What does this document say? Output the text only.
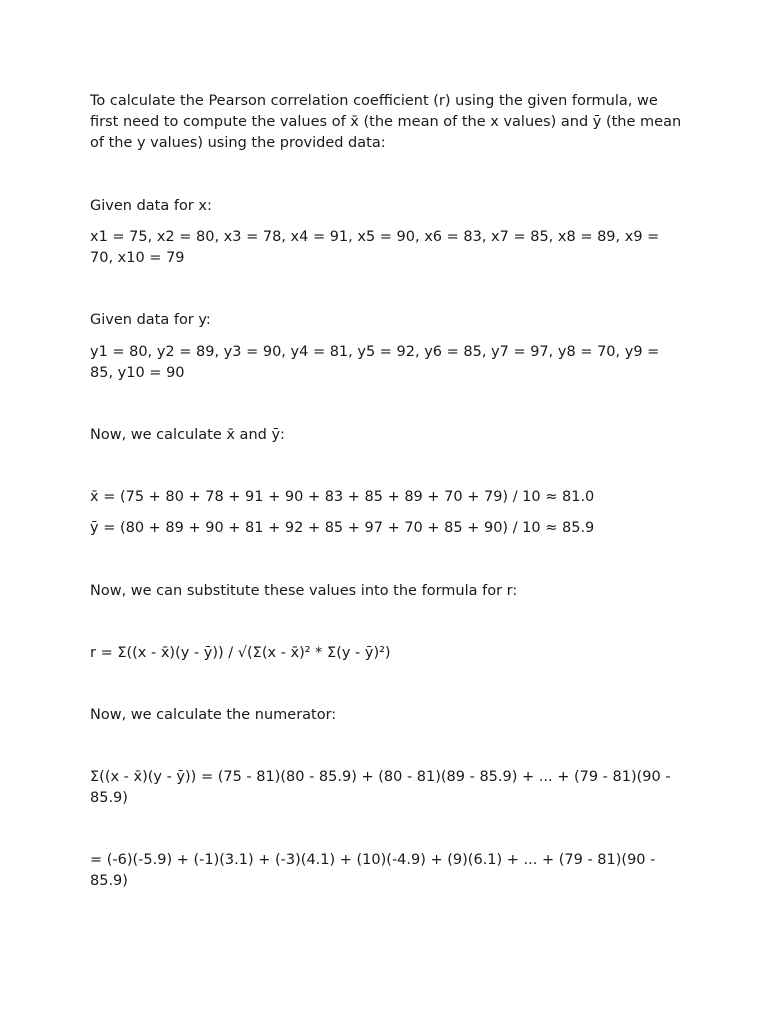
To calculate the Pearson correlation coefficient (r) using the given formula, we first need to compute the values of x̄ (the mean of the x values) and ȳ (the mean of the y values) using the provided data:

Given data for x:

x1 = 75, x2 = 80, x3 = 78, x4 = 91, x5 = 90, x6 = 83, x7 = 85, x8 = 89, x9 = 70, x10 = 79

Given data for y:

y1 = 80, y2 = 89, y3 = 90, y4 = 81, y5 = 92, y6 = 85, y7 = 97, y8 = 70, y9 = 85, y10 = 90

Now, we calculate x̄ and ȳ:

x̄ = (75 + 80 + 78 + 91 + 90 + 83 + 85 + 89 + 70 + 79) / 10 ≈ 81.0

ȳ = (80 + 89 + 90 + 81 + 92 + 85 + 97 + 70 + 85 + 90) / 10 ≈ 85.9

Now, we can substitute these values into the formula for r:

r = Σ((x - x̄)(y - ȳ)) / √(Σ(x - x̄)² * Σ(y - ȳ)²)

Now, we calculate the numerator:

Σ((x - x̄)(y - ȳ)) = (75 - 81)(80 - 85.9) + (80 - 81)(89 - 85.9) + ... + (79 - 81)(90 - 85.9)

= (-6)(-5.9) + (-1)(3.1) + (-3)(4.1) + (10)(-4.9) + (9)(6.1) + ... + (79 - 81)(90 - 85.9)
